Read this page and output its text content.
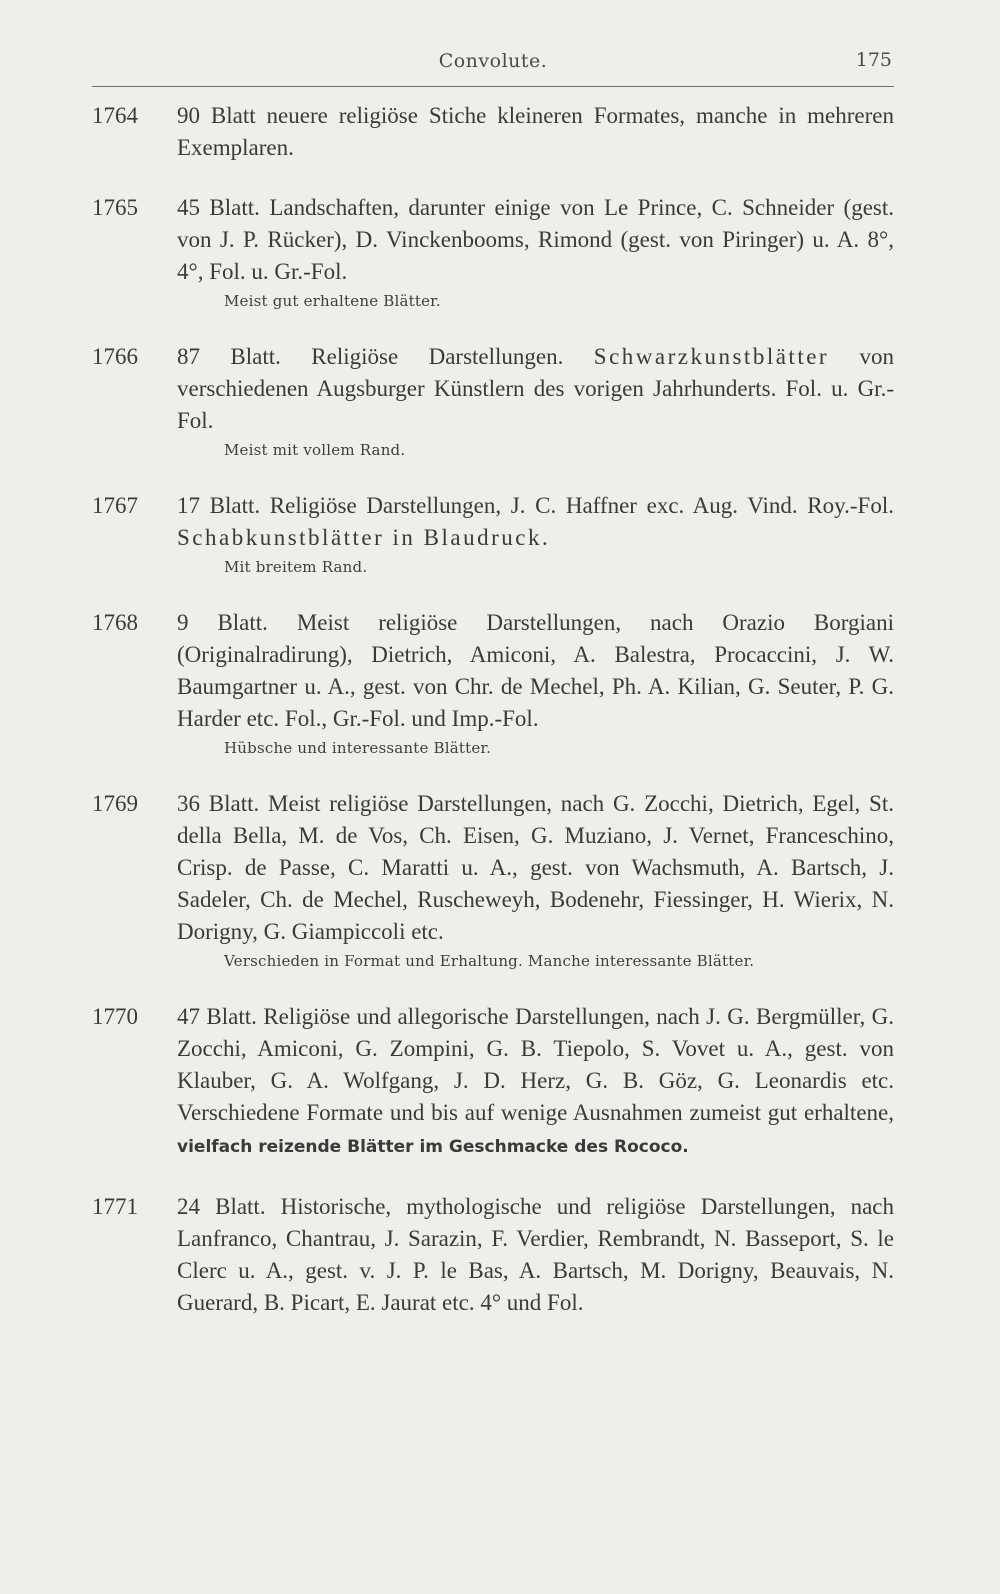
Convolute.	175
1764 90 Blatt neuere religiöse Stiche kleineren Formates, manche in mehreren Exemplaren.

1765 45 Blatt. Landschaften, darunter einige von Le Prince, C. Schneider (gest. von J. P. Rücker), D. Vinckenbooms, Rimond (gest. von Piringer) u. A. 8°, 4°, Fol. u. Gr.-Fol.

Meist gut erhaltene Blätter.
1766 87 Blatt. Religiöse Darstellungen. Schwarzkunstblätter von verschiedenen Augsburger Künstlern des vorigen Jahrhunderts. Fol. u. Gr.-Fol.

Meist mit vollem Rand.
1767 17 Blatt. Religiöse Darstellungen, J. C. Haffner exc. Aug. Vind. Roy.-Fol. Schabkunstblätter in Blaudruck.

Mit breitem Rand.
1768 9 Blatt. Meist religiöse Darstellungen, nach Orazio Borgiani (Originalradirung), Dietrich, Amiconi, A. Balestra, Procaccini, J. W. Baumgartner u. A., gest. von Chr. de Mechel, Ph. A. Kilian, G. Seuter, P. G. Harder etc. Fol., Gr.-Fol. und Imp.-Fol.

Hübsche und interessante Blätter.
1769 36 Blatt. Meist religiöse Darstellungen, nach G. Zocchi, Dietrich, Egel, St. della Bella, M. de Vos, Ch. Eisen, G. Muziano, J. Vernet, Franceschino, Crisp. de Passe, C. Maratti u. A., gest. von Wachsmuth, A. Bartsch, J. Sadeler, Ch. de Mechel, Ruscheweyh, Bodenehr, Fiessinger, H. Wierix, N. Dorigny, G. Giampiccoli etc.

Verschieden in Format und Erhaltung. Manche interessante Blätter.
1770 47 Blatt. Religiöse und allegorische Darstellungen, nach J. G. Bergmüller, G. Zocchi, Amiconi, G. Zompini, G. B. Tiepolo, S. Vovet u. A., gest. von Klauber, G. A. Wolfgang, J. D. Herz, G. B. Göz, G. Leonardis etc. Verschiedene Formate und bis auf wenige Ausnahmen zumeist gut erhaltene, vielfach reizende Blätter im Geschmacke des Rococo.

1771 24 Blatt. Historische, mythologische und religiöse Darstellungen, nach Lanfranco, Chantrau, J. Sarazin, F. Verdier, Rembrandt, N. Basseport, S. le Clerc u. A., gest. v. J. P. le Bas, A. Bartsch, M. Dorigny, Beauvais, N. Guerard, B. Picart, E. Jaurat etc. 4° und Fol.
